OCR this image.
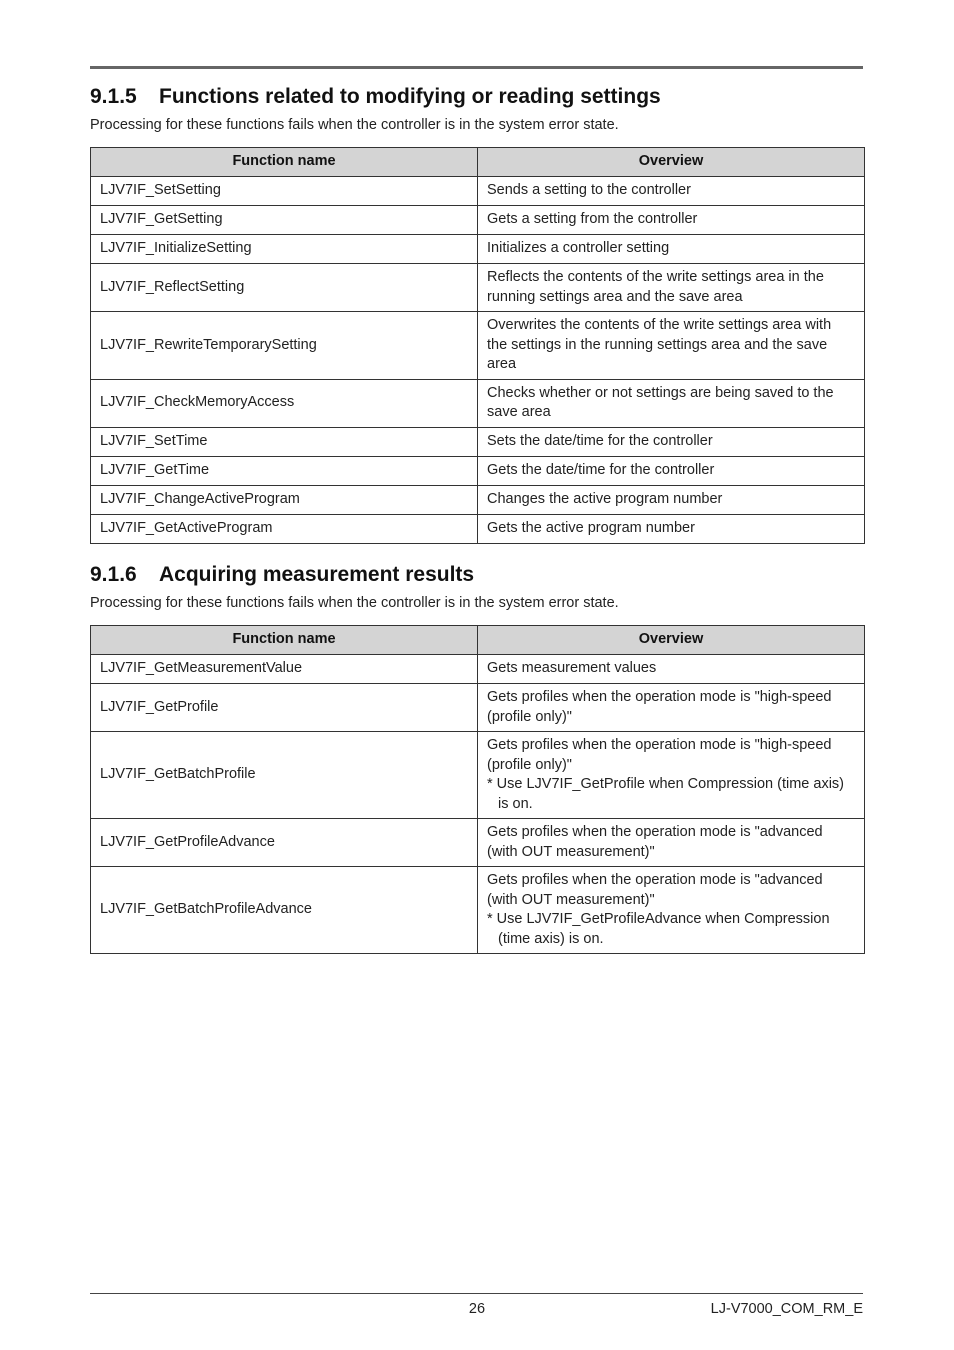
9.1.5 Functions related to modifying or reading settings

Processing for these functions fails when the controller is in the system error state.

Function name	Overview
LJV7IF_SetSetting	Sends a setting to the controller
LJV7IF_GetSetting	Gets a setting from the controller
LJV7IF_InitializeSetting	Initializes a controller setting
LJV7IF_ReflectSetting	Reflects the contents of the write settings area in the running settings area and the save area
LJV7IF_RewriteTemporarySetting	Overwrites the contents of the write settings area with the settings in the running settings area and the save area
LJV7IF_CheckMemoryAccess	Checks whether or not settings are being saved to the save area
LJV7IF_SetTime	Sets the date/time for the controller
LJV7IF_GetTime	Gets the date/time for the controller
LJV7IF_ChangeActiveProgram	Changes the active program number
LJV7IF_GetActiveProgram	Gets the active program number
9.1.6 Acquiring measurement results

Processing for these functions fails when the controller is in the system error state.

Function name	Overview
LJV7IF_GetMeasurementValue	Gets measurement values
LJV7IF_GetProfile	Gets profiles when the operation mode is "high-speed (profile only)"
LJV7IF_GetBatchProfile	Gets profiles when the operation mode is "high-speed (profile only)"
* Use LJV7IF_GetProfile when Compression (time axis) is on.

LJV7IF_GetProfileAdvance	Gets profiles when the operation mode is "advanced (with OUT measurement)"
LJV7IF_GetBatchProfileAdvance	Gets profiles when the operation mode is "advanced (with OUT measurement)"
* Use LJV7IF_GetProfileAdvance when Compression (time axis) is on.
26	LJ-V7000_COM_RM_E
